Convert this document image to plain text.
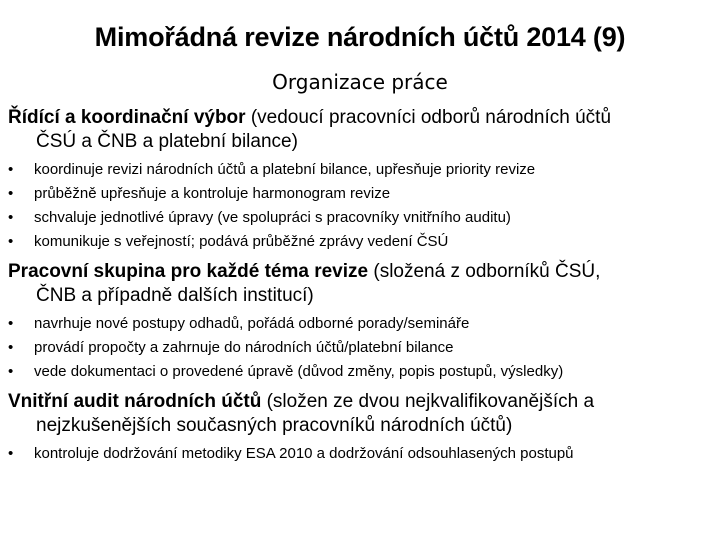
Mimořádná revize národních účtů 2014 (9)
Organizace práce

Řídící a koordinační výbor (vedoucí pracovníci odborů národních účtů
ČSÚ a ČNB a platební bilance)

• koordinuje revizi národních účtů a platební bilance, upřesňuje priority revize
• průběžně upřesňuje a kontroluje harmonogram revize
• schvaluje jednotlivé úpravy (ve spolupráci s pracovníky vnitřního auditu)
• komunikuje s veřejností; podává průběžné zprávy vedení ČSÚ

Pracovní skupina pro každé téma revize (složená z odborníků ČSÚ,
ČNB a případně dalších institucí)

• navrhuje nové postupy odhadů, pořádá odborné porady/semináře
• provádí propočty a zahrnuje do národních účtů/platební bilance
• vede dokumentaci o provedené úpravě (důvod změny, popis postupů, výsledky)

Vnitřní audit národních účtů (složen ze dvou nejkvalifikovanějších a
nejzkušenějších současných pracovníků národních účtů)

• kontroluje dodržování metodiky ESA 2010 a dodržování odsouhlasených postupů
